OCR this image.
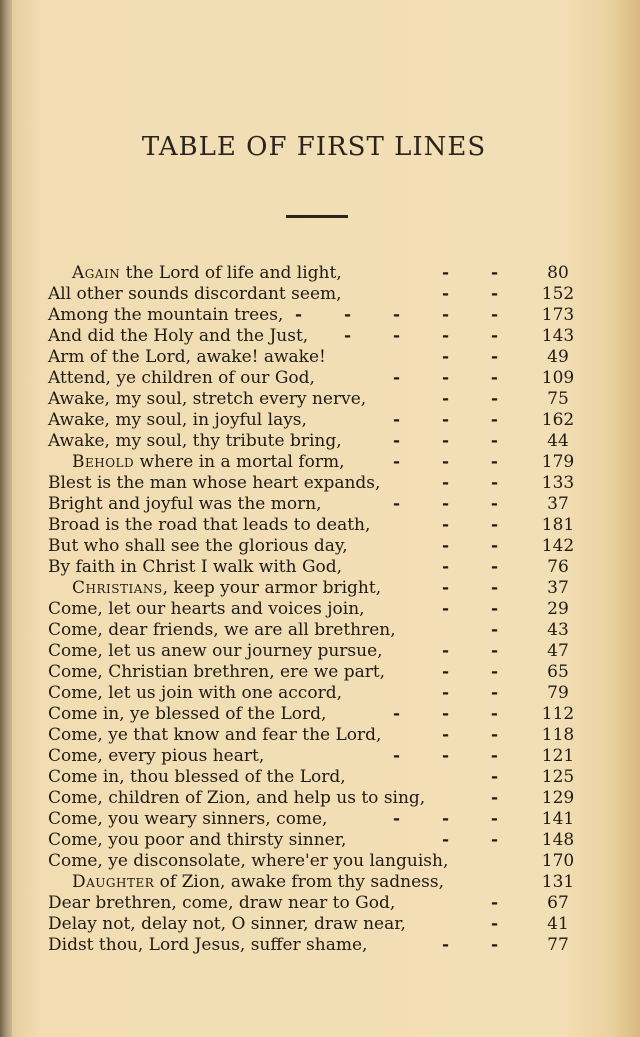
TABLE OF FIRST LINES
Again the Lord of life and light,	- -	80
All other sounds discordant seem,	- -	152
Among the mountain trees, - - - - -	173
And did the Holy and the Just, - - - -	143
Arm of the Lord, awake! awake!	- -	49
Attend, ye children of our God,	- - -	109
Awake, my soul, stretch every nerve,	- -	75
Awake, my soul, in joyful lays,	- - -	162
Awake, my soul, thy tribute bring,	- - -	44
Behold where in a mortal form,	- - -	179
Blest is the man whose heart expands,	- -	133
Bright and joyful was the morn,	- - -	37
Broad is the road that leads to death,	- -	181
But who shall see the glorious day,	- -	142
By faith in Christ I walk with God,	- -	76
Christians, keep your armor bright,	- -	37
Come, let our hearts and voices join,	- -	29
Come, dear friends, we are all brethren,	-	43
Come, let us anew our journey pursue,	- -	47
Come, Christian brethren, ere we part,	- -	65
Come, let us join with one accord,	- -	79
Come in, ye blessed of the Lord,	- - -	112
Come, ye that know and fear the Lord,	- -	118
Come, every pious heart,	- - -	121
Come in, thou blessed of the Lord,	-	125
Come, children of Zion, and help us to sing,	-	129
Come, you weary sinners, come,	- - -	141
Come, you poor and thirsty sinner,	- -	148
Come, ye disconsolate, where'er you languish,	170
Daughter of Zion, awake from thy sadness,	131
Dear brethren, come, draw near to God,	-	67
Delay not, delay not, O sinner, draw near,	-	41
Didst thou, Lord Jesus, suffer shame,	- -	77
